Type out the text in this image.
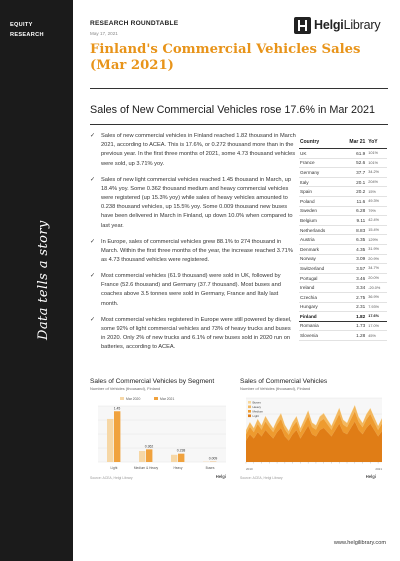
EQUITY
RESEARCH
Data tells a story
RESEARCH ROUNDTABLE
May 17, 2021
HelgiLibrary
Finland's Commercial Vehicles Sales (Mar 2021)
Sales of New Commercial Vehicles rose 17.6% in Mar 2021
✓ Sales of new commercial vehicles in Finland reached 1.82 thousand in March 2021, according to ACEA. This is 17.6%, or 0.272 thousand more than in the previous year. In the first three months of 2021, some 4.73 thousand vehicles were sold, up 3.71% yoy.
✓ Sales of new light commercial vehicles reached 1.45 thousand in March, up 18.4% yoy. Some 0.362 thousand medium and heavy commercial vehicles were registered (up 15.3% yoy) while sales of heavy vehicles amounted to 0.238 thousand vehicles, up 15.5% yoy. Some 0.009 thousand new buses have been delivered in March in Finland, up down 10.0% when compared to last year.
✓ In Europe, sales of commercial vehicles grew 88.1% to 274 thousand in March. Within the first three months of the year, the increase reached 3.71% as 4.73 thousand vehicles were registered.
✓ Most commercial vehicles (61.9 thousand) were sold in UK, followed by France (52.6 thousand) and Germany (37.7 thousand). Most buses and coaches above 3.5 tonnes were sold in Germany, France and Italy last month.
✓ Most commercial vehicles registered in Europe were still powered by diesel, some 92% of light commercial vehicles and 73% of heavy trucks and buses in 2020. Only 2% of new trucks and 6.1% of new buses sold in 2020 run on batteries, according to ACEA.
Country	Mar 21	YoY
UK	61.9	101%
France	52.6	101%
Germany	37.7	34.2%
Italy	20.1	204%
Spain	20.2	15%
Poland	11.6	49.3%
Sweden	6.28	79%
Belgium	9.11	42.4%
Netherlands	8.83	15.4%
Austria	6.35	129%
Denmark	4.35	31.9%
Norway	3.09	20.9%
Switzerland	3.57	34.7%
Portugal	3.46	20.0%
Ireland	3.34	-20.0%
Czechia	2.75	36.9%
Hungary	2.31	7.93%
Finland	1.82	17.6%
Romania	1.73	17.0%
Slovenia	1.28	45%
Sales of Commercial Vehicles by Segment
Number of Vehicles (thousand), Finland
Mar 2020	Mar 2021
1.45
Light
0.362
Medium & Heavy
0.238
Heavy
0.009
Buses
Source: ACEA, Helgi Library	Helgi
Sales of Commercial Vehicles
Number of Vehicles (thousand), Finland
Buses
Heavy
Medium
Light
2010	2021
Source: ACEA, Helgi Library	Helgi
www.helgilibrary.com
